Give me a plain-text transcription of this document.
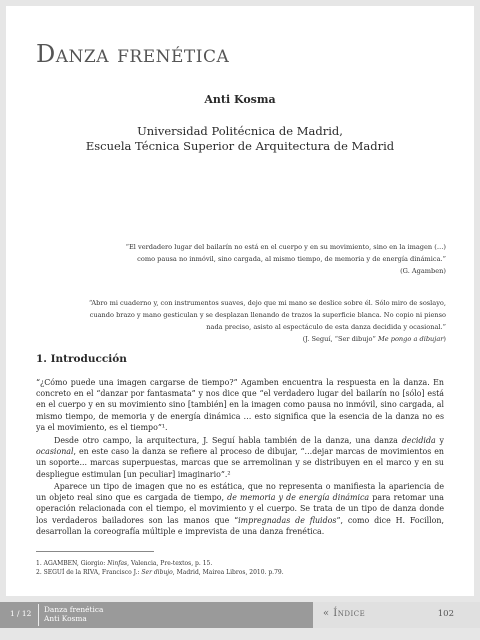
Danza frenética
Anti Kosma
Universidad Politécnica de Madrid,
Escuela Técnica Superior de Arquitectura de Madrid
“El verdadero lugar del bailarín no está en el cuerpo y en su movimiento, sino en la imagen (…)
como pausa no inmóvil, sino cargada, al mismo tiempo, de memoria y de energía dinámica.”
(G. Agamben)
“Abro mi cuaderno y, con instrumentos suaves, dejo que mi mano se deslice sobre él. Sólo miro de soslayo,
cuando brazo y mano gesticulan y se desplazan llenando de trazos la superficie blanca. No copio ni pienso
nada preciso, asisto al espectáculo de esta danza decidida y ocasional.”
(J. Seguí, “Ser dibujo” Me pongo a dibujar)
1. Introducción

“¿Cómo puede una imagen cargarse de tiempo?” Agamben encuentra la respuesta en la danza. En concreto en el “danzar por fantasmata” y nos dice que “el verdadero lugar del bailarín no [sólo] está en el cuerpo y en su movimiento sino [también] en la imagen como pausa no inmóvil, sino cargada, al mismo tiempo, de memoria y de energía dinámica … esto significa que la esencia de la danza no es ya el movimiento, es el tiempo”¹.

Desde otro campo, la arquitectura, J. Seguí habla también de la danza, una danza decidida y ocasional, en este caso la danza se refiere al proceso de dibujar, “...dejar marcas de movimientos en un soporte... marcas superpuestas, marcas que se arremolinan y se distribuyen en el marco y en su despliegue estimulan [un peculiar] imaginario”.²

Aparece un tipo de imagen que no es estática, que no representa o manifiesta la apariencia de un objeto real sino que es cargada de tiempo, de memoria y de energía dinámica para retomar una operación relacionada con el tiempo, el movimiento y el cuerpo. Se trata de un tipo de danza donde los verdaderos bailadores son las manos que “impregnadas de fluidos”, como dice H. Focillon, desarrollan la coreografía múltiple e imprevista de una danza frenética.

1. AGAMBEN, Giorgio: Ninfas, Valencia, Pre-textos, p. 15.
2. SEGUÍ de la RIVA, Francisco J.: Ser dibujo, Madrid, Mairea Libros, 2010. p.79.
1 / 12 Danza frenética
Anti Kosma	« Índice	102
